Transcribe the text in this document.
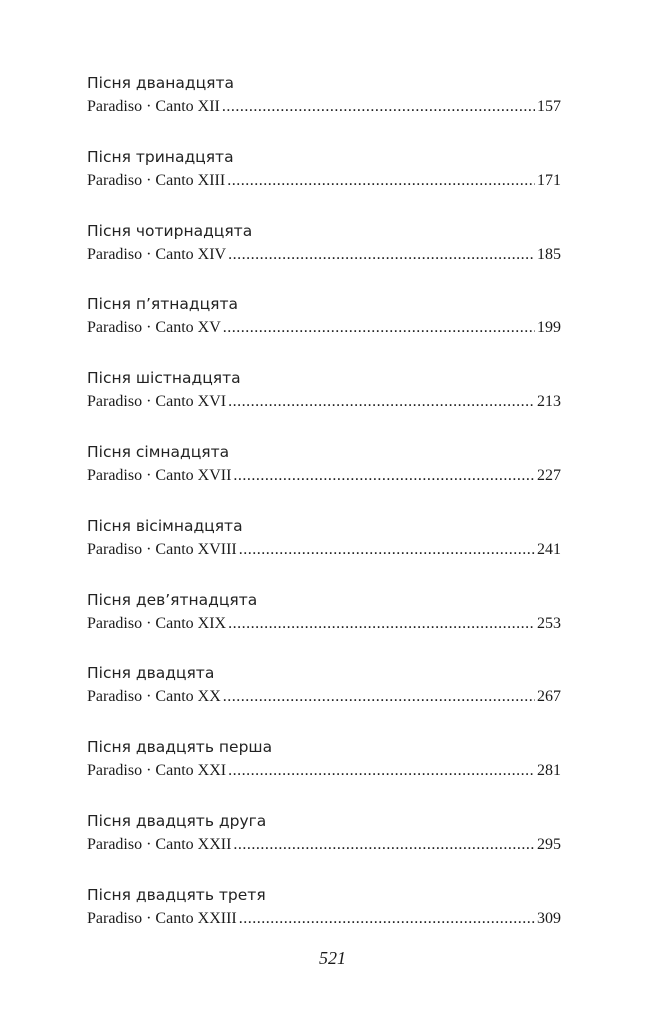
Пісня дванадцята
Paradiso · Canto XII .....	157
Пісня тринадцята
Paradiso · Canto XIII .....	171
Пісня чотирнадцята
Paradiso · Canto XIV .....	185
Пісня п’ятнадцята
Paradiso · Canto XV .....	199
Пісня шістнадцята
Paradiso · Canto XVI .....	213
Пісня сімнадцята
Paradiso · Canto XVII .....	227
Пісня вісімнадцята
Paradiso · Canto XVIII .....	241
Пісня дев’ятнадцята
Paradiso · Canto XIX .....	253
Пісня двадцята
Paradiso · Canto XX .....	267
Пісня двадцять перша
Paradiso · Canto XXI .....	281
Пісня двадцять друга
Paradiso · Canto XXII .....	295
Пісня двадцять третя
Paradiso · Canto XXIII .....	309
521
